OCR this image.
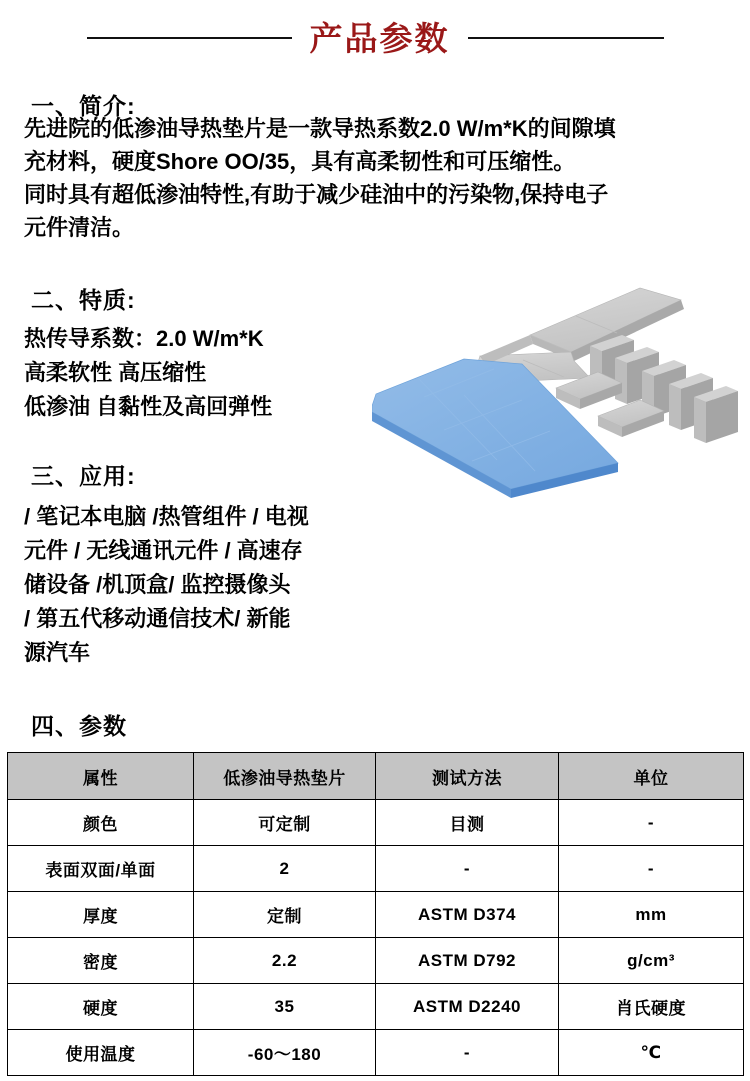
产品参数
一、简介:
先进院的低渗油导热垫片是一款导热系数2.0 W/m*K的间隙填
充材料，硬度Shore OO/35，具有高柔韧性和可压缩性。
同时具有超低渗油特性,有助于减少硅油中的污染物,保持电子
元件清洁。
二、特质:
热传导系数：2.0 W/m*K
高柔软性 高压缩性
低渗油 自黏性及高回弹性
三、应用:
/ 笔记本电脑 /热管组件 / 电视
元件 / 无线通讯元件 / 高速存
储设备 /机顶盒/ 监控摄像头
/ 第五代移动通信技术/ 新能
源汽车
四、参数
属性	低渗油导热垫片	测试方法	单位
颜色	可定制	目测	-
表面双面/单面	2	-	-
厚度	定制	ASTM D374	mm
密度	2.2	ASTM D792	g/cm³
硬度	35	ASTM D2240	肖氏硬度
使用温度	-60～180	-	℃
